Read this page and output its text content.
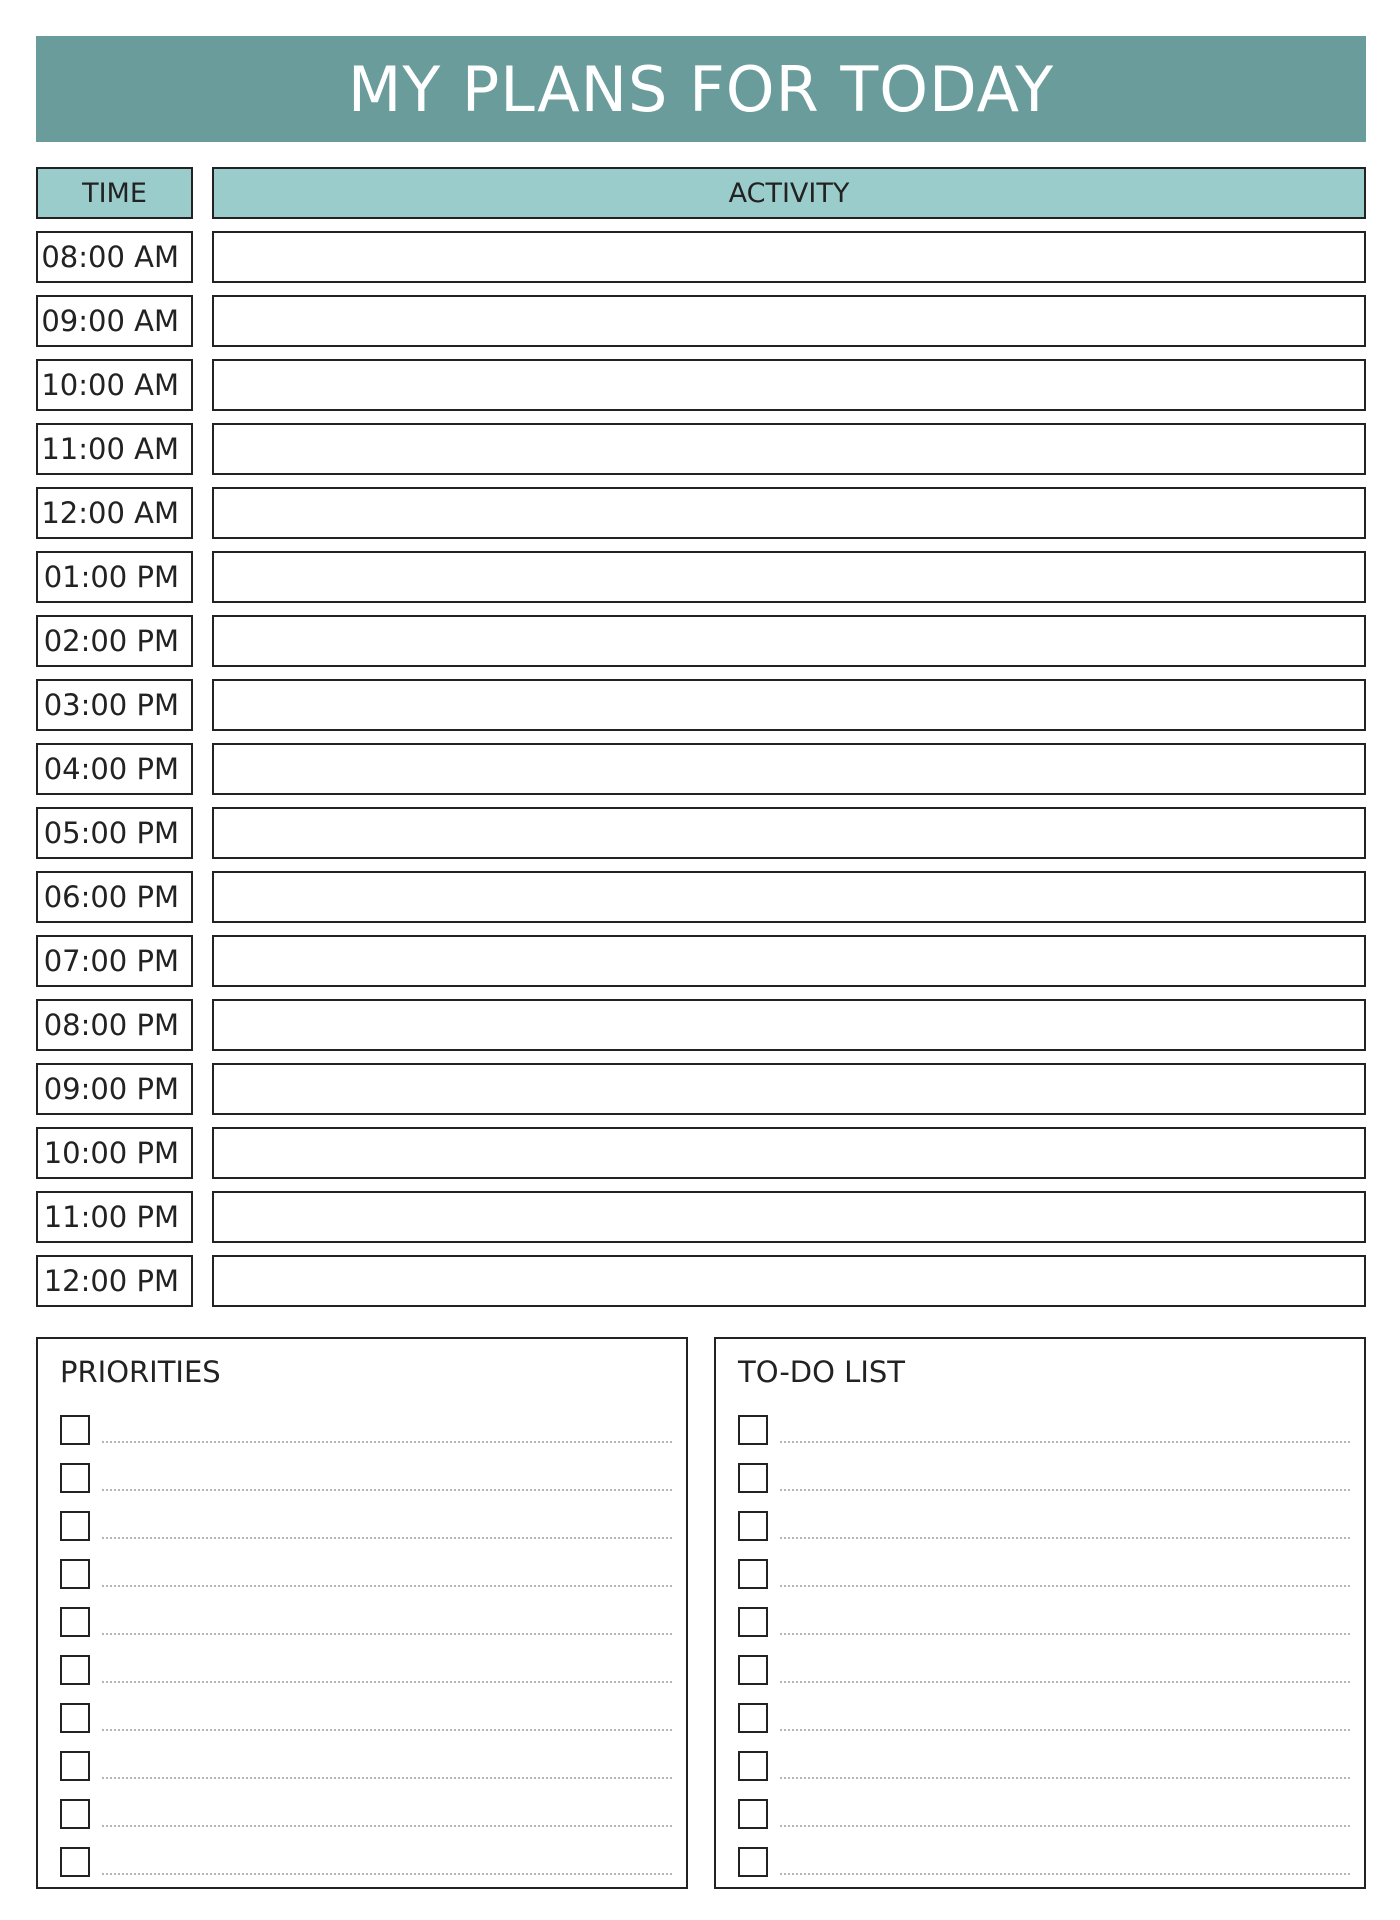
MY PLANS FOR TODAY
TIME	ACTIVITY
08:00 AM
09:00 AM
10:00 AM
11:00 AM
12:00 AM
01:00 PM
02:00 PM
03:00 PM
04:00 PM
05:00 PM
06:00 PM
07:00 PM
08:00 PM
09:00 PM
10:00 PM
11:00 PM
12:00 PM
PRIORITIES	TO-DO LIST
